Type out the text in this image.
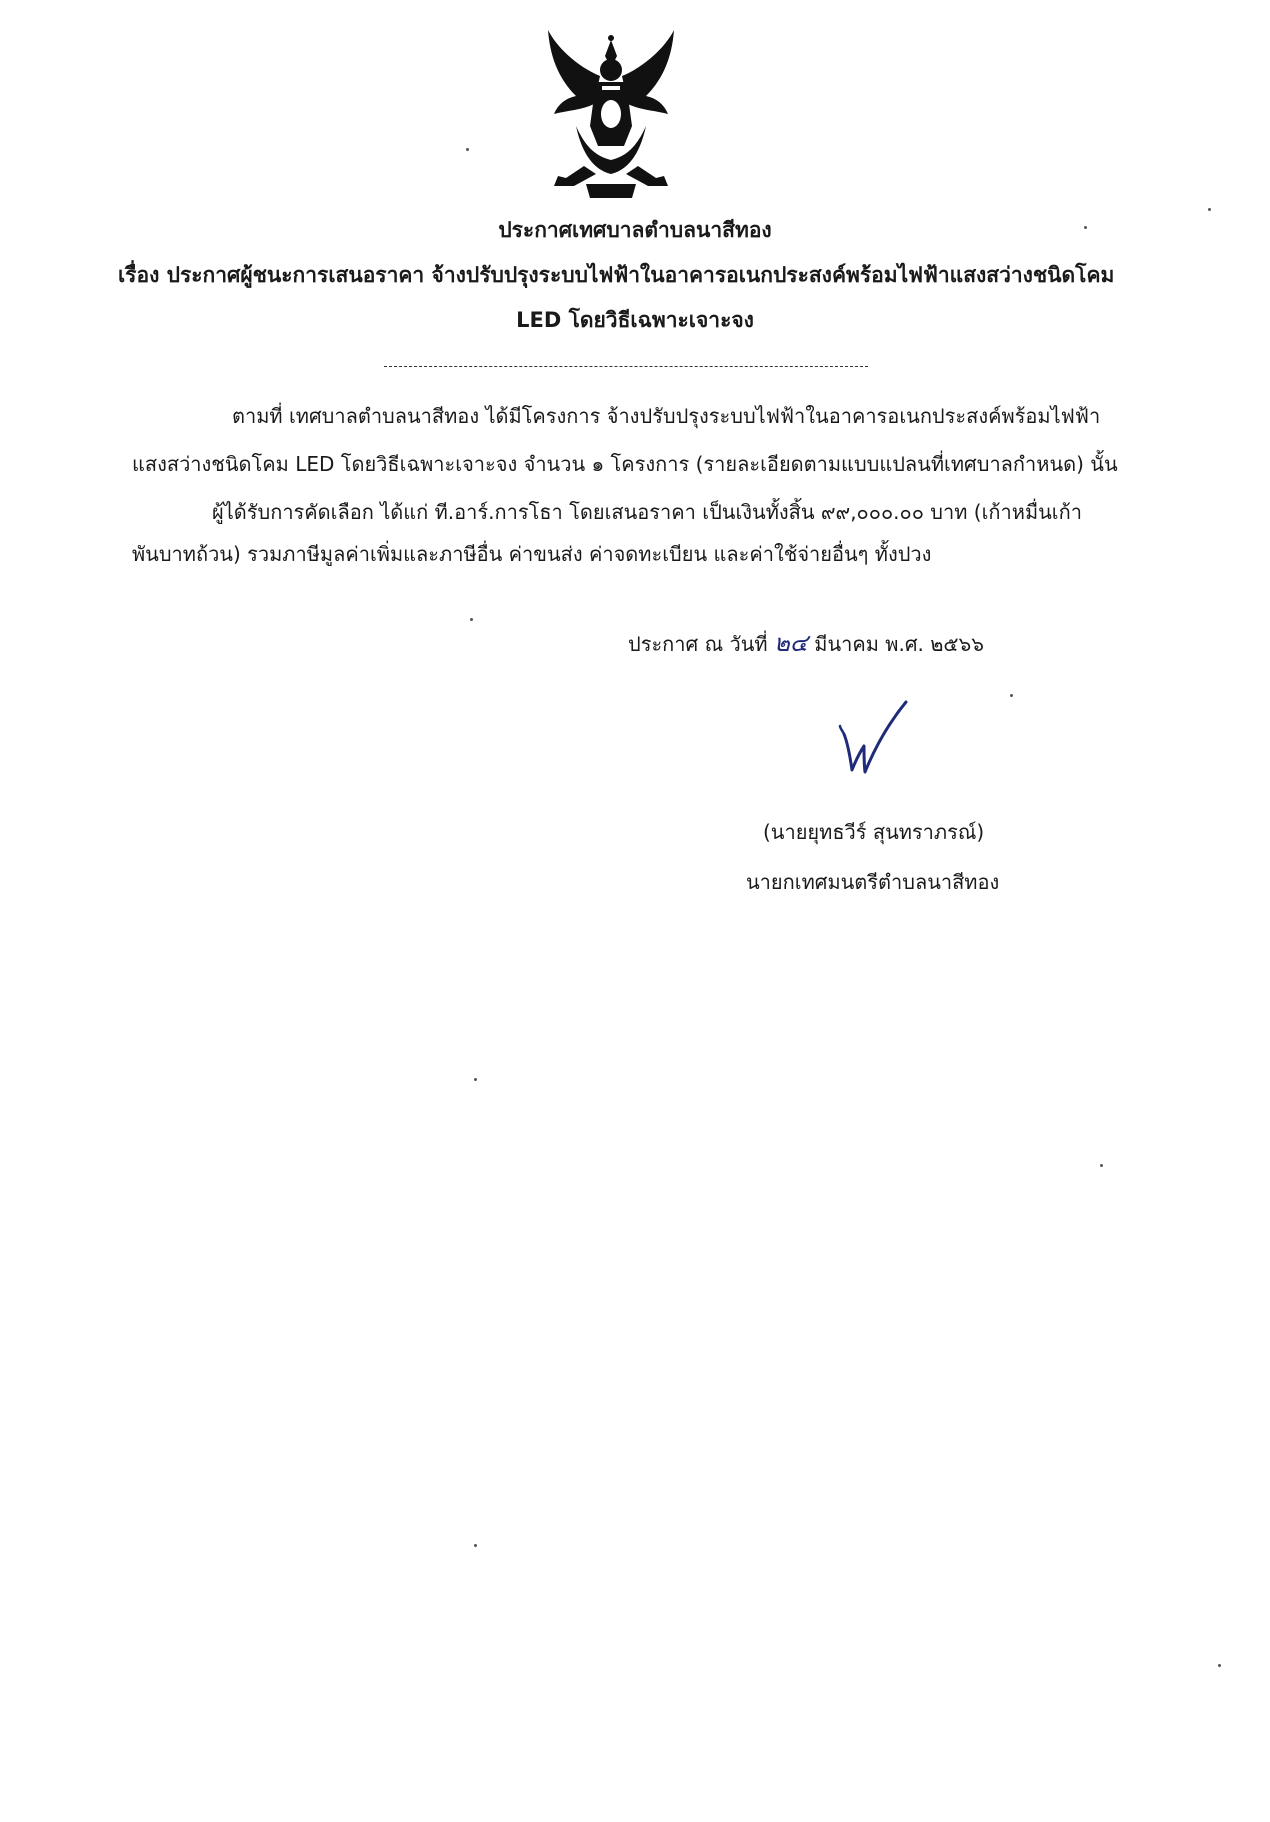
ประกาศเทศบาลตำบลนาสีทอง
เรื่อง ประกาศผู้ชนะการเสนอราคา จ้างปรับปรุงระบบไฟฟ้าในอาคารอเนกประสงค์พร้อมไฟฟ้าแสงสว่างชนิดโคม
LED โดยวิธีเฉพาะเจาะจง
ตามที่ เทศบาลตำบลนาสีทอง ได้มีโครงการ จ้างปรับปรุงระบบไฟฟ้าในอาคารอเนกประสงค์พร้อมไฟฟ้า
แสงสว่างชนิดโคม LED โดยวิธีเฉพาะเจาะจง จำนวน ๑ โครงการ (รายละเอียดตามแบบแปลนที่เทศบาลกำหนด) นั้น
ผู้ได้รับการคัดเลือก ได้แก่ ที.อาร์.การโธา โดยเสนอราคา เป็นเงินทั้งสิ้น ๙๙,๐๐๐.๐๐ บาท (เก้าหมื่นเก้า
พันบาทถ้วน) รวมภาษีมูลค่าเพิ่มและภาษีอื่น ค่าขนส่ง ค่าจดทะเบียน และค่าใช้จ่ายอื่นๆ ทั้งปวง
ประกาศ ณ วันที่ ๒๔ มีนาคม พ.ศ. ๒๕๖๖
(นายยุทธวีร์ สุนทราภรณ์)
นายกเทศมนตรีตำบลนาสีทอง
